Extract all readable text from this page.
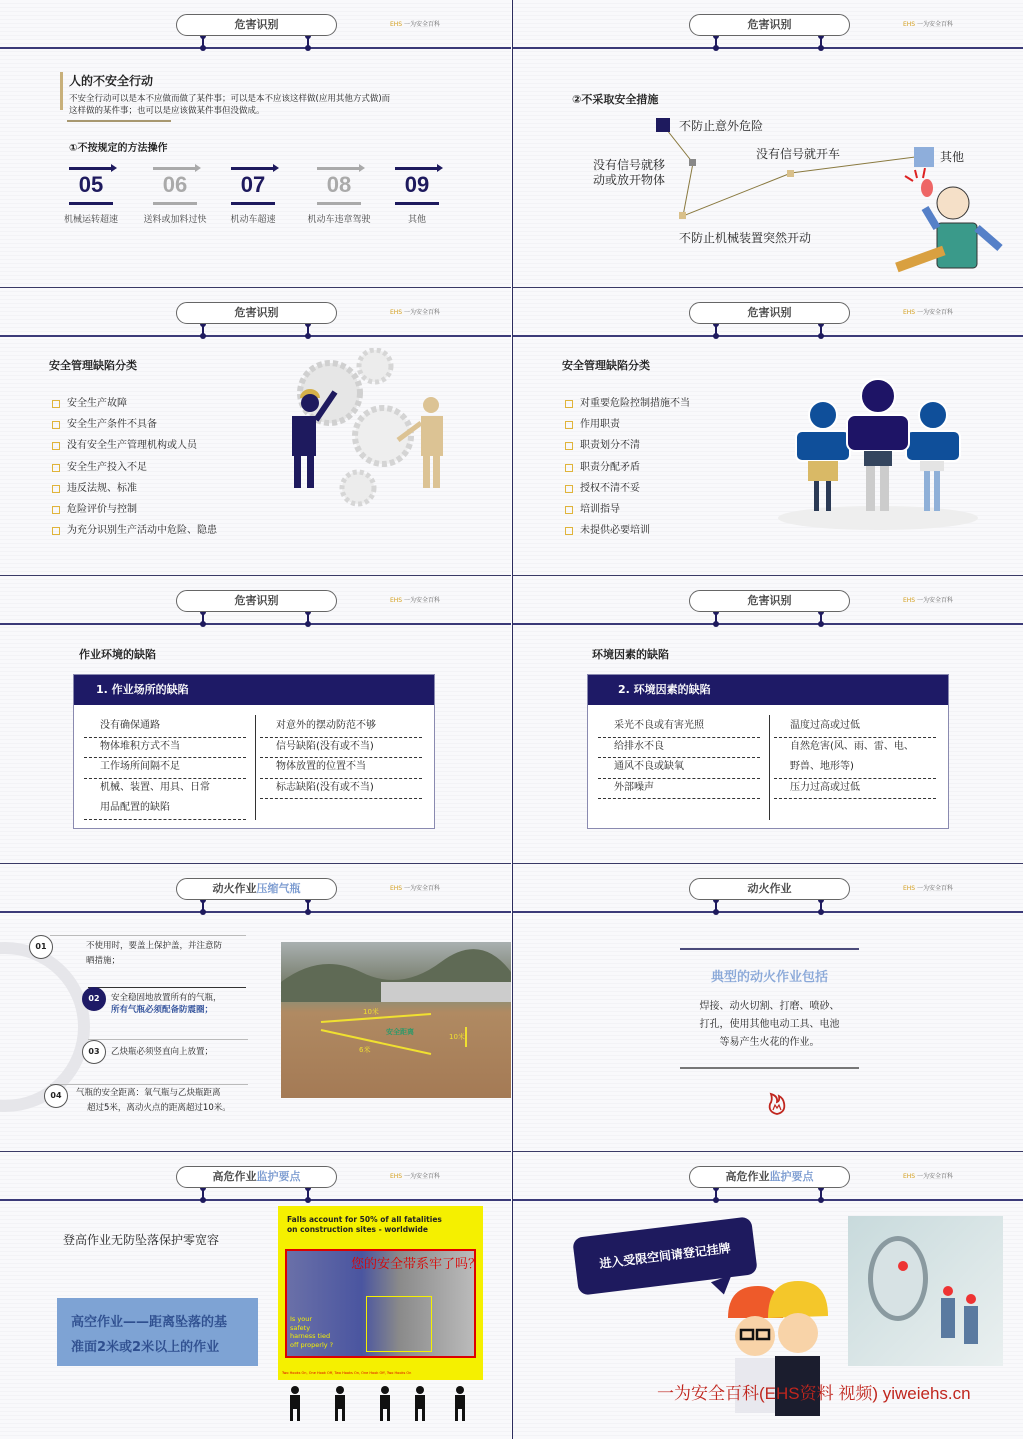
危害识别	EHS 一为安全百科
人的不安全行动
不安全行动可以是本不应做而做了某件事；可以是本不应该这样做(应用其他方式做)而
这样做的某件事；也可以是应该做某件事但没做成。
①不按规定的方法操作
05
机械运转超速
06
送料或加料过快
07
机动车超速
08
机动车违章驾驶
09
其他
危害识别	EHS 一为安全百科
②不采取安全措施
不防止意外危险
没有信号就移
动或放开物体
不防止机械装置突然开动
没有信号就开车	其他
危害识别	EHS 一为安全百科
安全管理缺陷分类
安全生产故障
安全生产条件不具备
没有安全生产管理机构或人员
安全生产投入不足
违反法规、标准
危险评价与控制
为充分识别生产活动中危险、隐患
危害识别	EHS 一为安全百科
安全管理缺陷分类
对重要危险控制措施不当
作用职责
职责划分不清
职责分配矛盾
授权不清不妥
培训指导
未提供必要培训
危害识别	EHS 一为安全百科
作业环境的缺陷
1. 作业场所的缺陷
没有确保通路
物体堆积方式不当
工作场所间隔不足
机械、装置、用具、日常
用品配置的缺陷
对意外的摆动防范不够
信号缺陷(没有或不当)
物体放置的位置不当
标志缺陷(没有或不当)
危害识别	EHS 一为安全百科
环境因素的缺陷
2. 环境因素的缺陷
采光不良或有害光照
给排水不良
通风不良或缺氧
外部噪声
温度过高或过低
自然危害(风、雨、雷、电、
野兽、地形等)
压力过高或过低
动火作业压缩气瓶	EHS 一为安全百科
01	不使用时，要盖上保护盖，并注意防
晒措施；
02	安全稳固地放置所有的气瓶，
所有气瓶必须配备防震圈；
03	乙炔瓶必须竖直向上放置；
04	气瓶的安全距离：氧气瓶与乙炔瓶距离
超过5米，离动火点的距离超过10米。
10米
安全距离
10米
6米
动火作业	EHS 一为安全百科
典型的动火作业包括
焊接、动火切割、打磨、喷砂、
打孔，使用其他电动工具、电池
等易产生火花的作业。
高危作业监护要点	EHS 一为安全百科
登高作业无防坠落保护零宽容
高空作业——距离坠落的基
准面2米或2米以上的作业
Falls account for 50% of all fatalities
on construction sites - worldwide
您的安全带系牢了吗？
Is your
safety
harness tied
off properly ?
Two Hooks On, One Hook Off, Two Hooks On, One Hook Off, Two Hooks On
高危作业监护要点	EHS 一为安全百科
进入受限空间请登记挂牌
一为安全百科(EHS资料 视频) yiweiehs.cn
